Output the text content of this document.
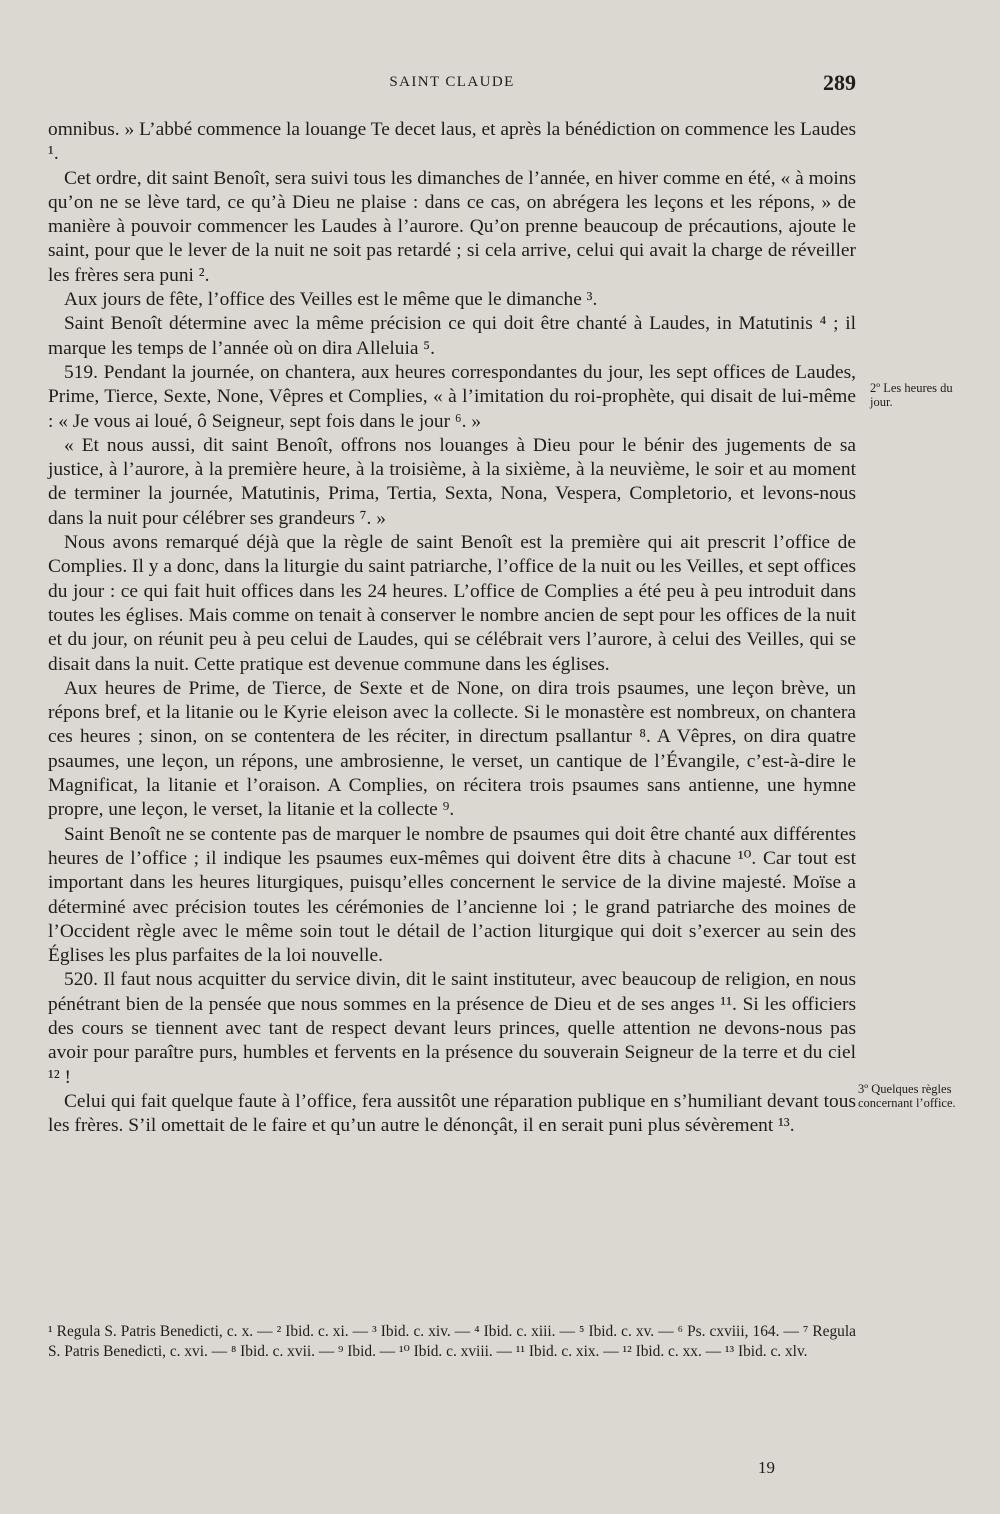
SAINT CLAUDE	289

omnibus. » L’abbé commence la louange Te decet laus, et après la bénédiction on commence les Laudes ¹.

Cet ordre, dit saint Benoît, sera suivi tous les dimanches de l’année, en hiver comme en été, « à moins qu’on ne se lève tard, ce qu’à Dieu ne plaise : dans ce cas, on abrégera les leçons et les répons, » de manière à pouvoir commencer les Laudes à l’aurore. Qu’on prenne beaucoup de précautions, ajoute le saint, pour que le lever de la nuit ne soit pas retardé ; si cela arrive, celui qui avait la charge de réveiller les frères sera puni ².

Aux jours de fête, l’office des Veilles est le même que le dimanche ³.

Saint Benoît détermine avec la même précision ce qui doit être chanté à Laudes, in Matutinis ⁴ ; il marque les temps de l’année où on dira Alleluia ⁵.

519. Pendant la journée, on chantera, aux heures correspondantes du jour, les sept offices de Laudes, Prime, Tierce, Sexte, None, Vêpres et Complies, « à l’imitation du roi-prophète, qui disait de lui-même : « Je vous ai loué, ô Seigneur, sept fois dans le jour ⁶. »

« Et nous aussi, dit saint Benoît, offrons nos louanges à Dieu pour le bénir des jugements de sa justice, à l’aurore, à la première heure, à la troisième, à la sixième, à la neuvième, le soir et au moment de terminer la journée, Matutinis, Prima, Tertia, Sexta, Nona, Vespera, Completorio, et levons-nous dans la nuit pour célébrer ses grandeurs ⁷. »

Nous avons remarqué déjà que la règle de saint Benoît est la première qui ait prescrit l’office de Complies. Il y a donc, dans la liturgie du saint patriarche, l’office de la nuit ou les Veilles, et sept offices du jour : ce qui fait huit offices dans les 24 heures. L’office de Complies a été peu à peu introduit dans toutes les églises. Mais comme on tenait à conserver le nombre ancien de sept pour les offices de la nuit et du jour, on réunit peu à peu celui de Laudes, qui se célébrait vers l’aurore, à celui des Veilles, qui se disait dans la nuit. Cette pratique est devenue commune dans les églises.

Aux heures de Prime, de Tierce, de Sexte et de None, on dira trois psaumes, une leçon brève, un répons bref, et la litanie ou le Kyrie eleison avec la collecte. Si le monastère est nombreux, on chantera ces heures ; sinon, on se contentera de les réciter, in directum psallantur ⁸. A Vêpres, on dira quatre psaumes, une leçon, un répons, une ambrosienne, le verset, un cantique de l’Évangile, c’est-à-dire le Magnificat, la litanie et l’oraison. A Complies, on récitera trois psaumes sans antienne, une hymne propre, une leçon, le verset, la litanie et la collecte ⁹.

Saint Benoît ne se contente pas de marquer le nombre de psaumes qui doit être chanté aux différentes heures de l’office ; il indique les psaumes eux-mêmes qui doivent être dits à chacune ¹⁰. Car tout est important dans les heures liturgiques, puisqu’elles concernent le service de la divine majesté. Moïse a déterminé avec précision toutes les cérémonies de l’ancienne loi ; le grand patriarche des moines de l’Occident règle avec le même soin tout le détail de l’action liturgique qui doit s’exercer au sein des Églises les plus parfaites de la loi nouvelle.

520. Il faut nous acquitter du service divin, dit le saint instituteur, avec beaucoup de religion, en nous pénétrant bien de la pensée que nous sommes en la présence de Dieu et de ses anges ¹¹. Si les officiers des cours se tiennent avec tant de respect devant leurs princes, quelle attention ne devons-nous pas avoir pour paraître purs, humbles et fervents en la présence du souverain Seigneur de la terre et du ciel ¹² !

Celui qui fait quelque faute à l’office, fera aussitôt une réparation publique en s’humiliant devant tous les frères. S’il omettait de le faire et qu’un autre le dénonçât, il en serait puni plus sévèrement ¹³.

2º Les heures du jour.
3º Quelques règles concernant l’office.

¹ Regula S. Patris Benedicti, c. x. — ² Ibid. c. xi. — ³ Ibid. c. xiv. — ⁴ Ibid. c. xiii. — ⁵ Ibid. c. xv. — ⁶ Ps. cxviii, 164. — ⁷ Regula S. Patris Benedicti, c. xvi. — ⁸ Ibid. c. xvii. — ⁹ Ibid. — ¹⁰ Ibid. c. xviii. — ¹¹ Ibid. c. xix. — ¹² Ibid. c. xx. — ¹³ Ibid. c. xlv.

19
